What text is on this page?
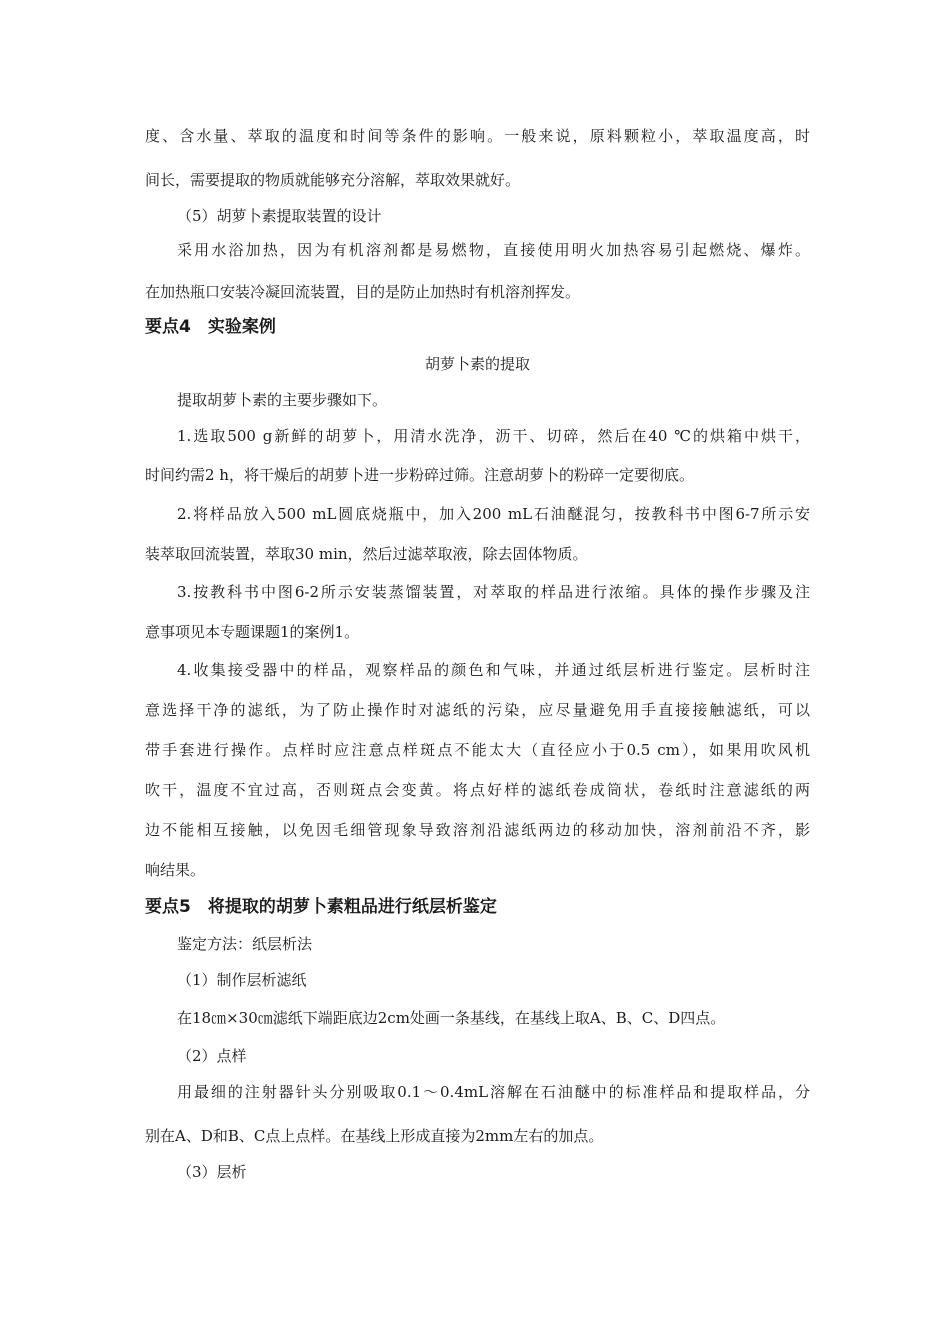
度、含水量、萃取的温度和时间等条件的影响。一般来说，原料颗粒小，萃取温度高，时
间长，需要提取的物质就能够充分溶解，萃取效果就好。
（5）胡萝卜素提取装置的设计
采用水浴加热，因为有机溶剂都是易燃物，直接使用明火加热容易引起燃烧、爆炸。
在加热瓶口安装冷凝回流装置，目的是防止加热时有机溶剂挥发。
要点4　实验案例
胡萝卜素的提取
提取胡萝卜素的主要步骤如下。
1.选取500 g新鲜的胡萝卜，用清水洗净，沥干、切碎，然后在40 ℃的烘箱中烘干，
时间约需2 h，将干燥后的胡萝卜进一步粉碎过筛。注意胡萝卜的粉碎一定要彻底。
2.将样品放入500 mL圆底烧瓶中，加入200 mL石油醚混匀，按教科书中图6-7所示安
装萃取回流装置，萃取30 min，然后过滤萃取液，除去固体物质。
3.按教科书中图6-2所示安装蒸馏装置，对萃取的样品进行浓缩。具体的操作步骤及注
意事项见本专题课题1的案例1。
4.收集接受器中的样品，观察样品的颜色和气味，并通过纸层析进行鉴定。层析时注
意选择干净的滤纸，为了防止操作时对滤纸的污染，应尽量避免用手直接接触滤纸，可以
带手套进行操作。点样时应注意点样斑点不能太大（直径应小于0.5 cm），如果用吹风机
吹干，温度不宜过高，否则斑点会变黄。将点好样的滤纸卷成筒状，卷纸时注意滤纸的两
边不能相互接触，以免因毛细管现象导致溶剂沿滤纸两边的移动加快，溶剂前沿不齐，影
响结果。
要点5　将提取的胡萝卜素粗品进行纸层析鉴定
鉴定方法：纸层析法
（1）制作层析滤纸
在18㎝×30㎝滤纸下端距底边2cm处画一条基线，在基线上取A、B、C、D四点。
（2）点样
用最细的注射器针头分别吸取0.1～0.4mL溶解在石油醚中的标准样品和提取样品，分
别在A、D和B、C点上点样。在基线上形成直接为2mm左右的加点。
（3）层析
